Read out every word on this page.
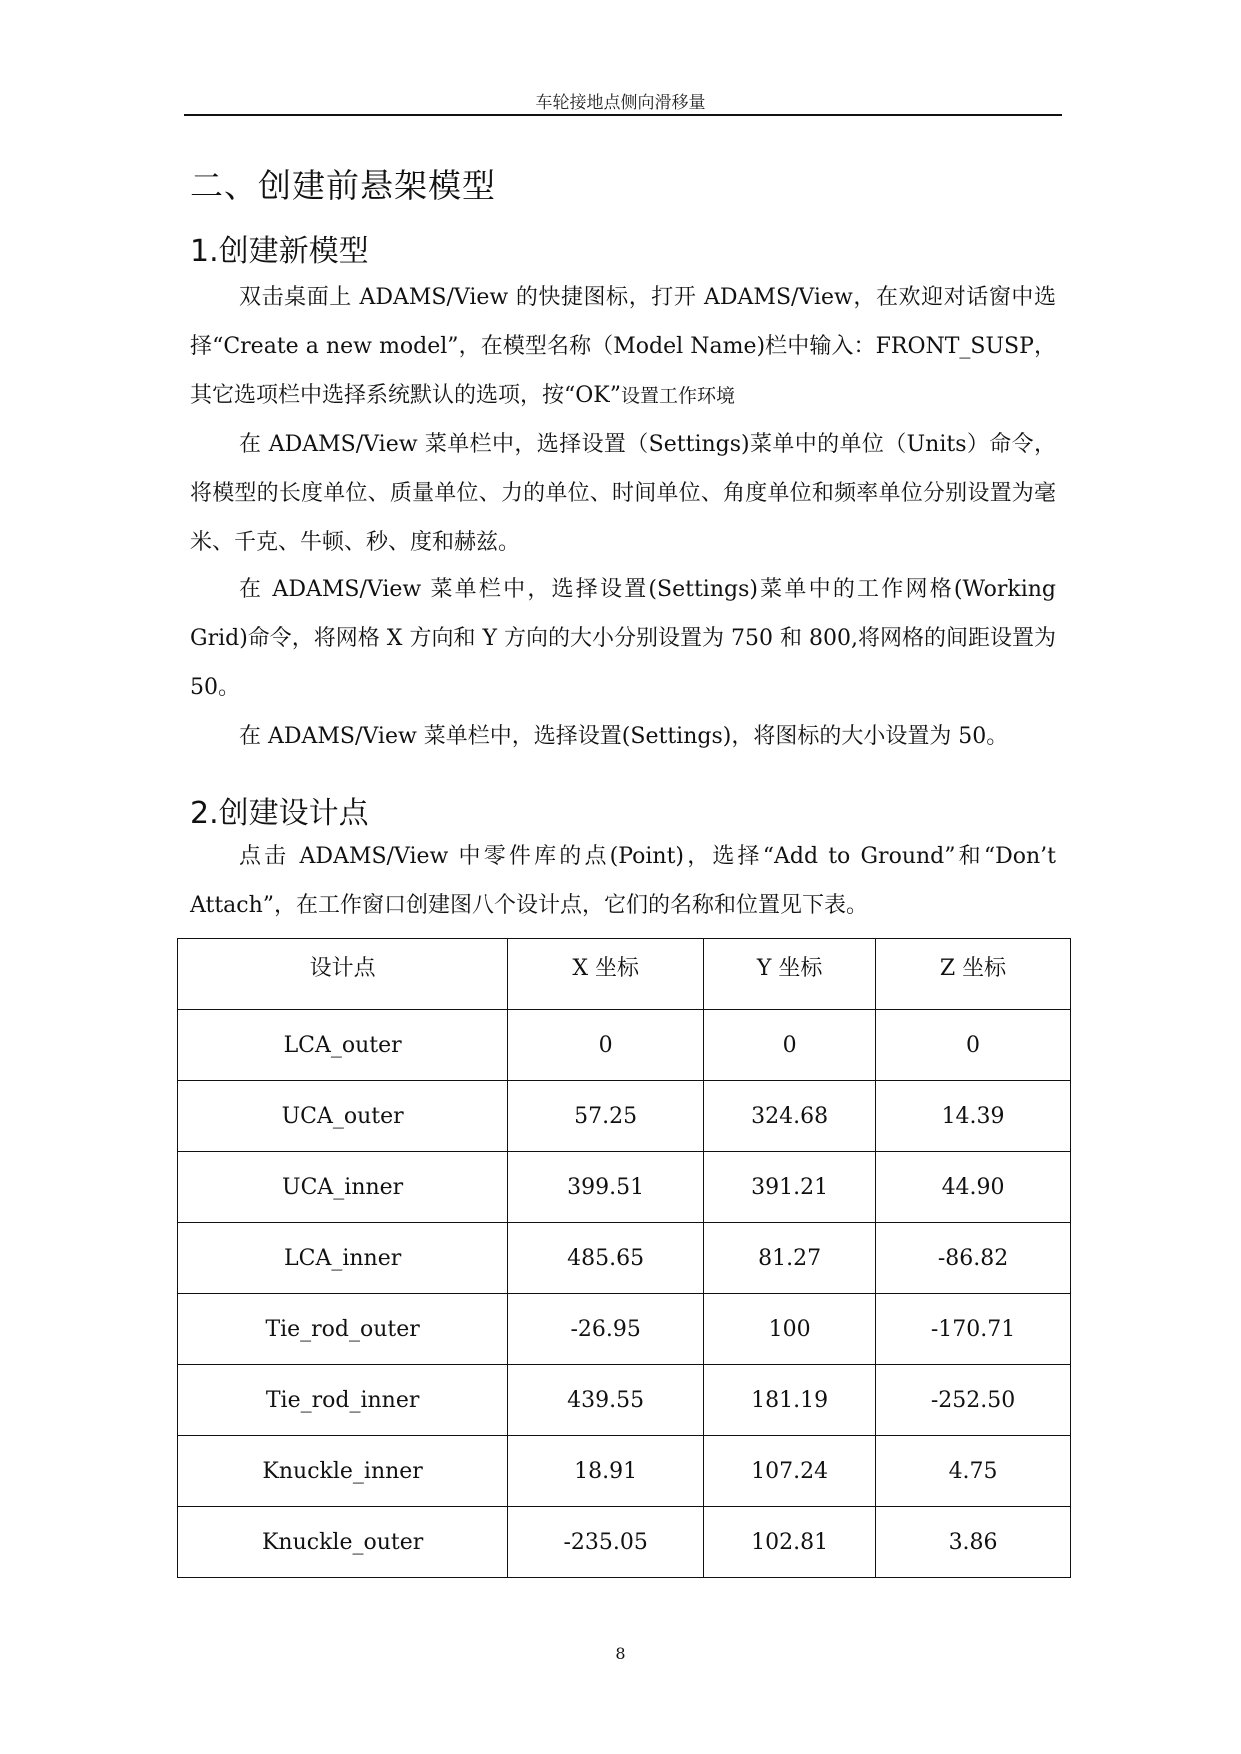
车轮接地点侧向滑移量
二、创建前悬架模型
1.创建新模型

双击桌面上 ADAMS/View 的快捷图标，打开 ADAMS/View，在欢迎对话窗中选择“Create a new model”，在模型名称（Model Name)栏中输入：FRONT_SUSP，其它选项栏中选择系统默认的选项，按“OK”设置工作环境

在 ADAMS/View 菜单栏中，选择设置（Settings)菜单中的单位（Units）命令，将模型的长度单位、质量单位、力的单位、时间单位、角度单位和频率单位分别设置为毫米、千克、牛顿、秒、度和赫兹。

在 ADAMS/View 菜单栏中，选择设置(Settings)菜单中的工作网格(Working Grid)命令，将网格 X 方向和 Y 方向的大小分别设置为 750 和 800,将网格的间距设置为 50。

在 ADAMS/View 菜单栏中，选择设置(Settings)，将图标的大小设置为 50。

2.创建设计点

点击 ADAMS/View 中零件库的点(Point)，选择“Add to Ground”和“Don’t Attach”，在工作窗口创建图八个设计点，它们的名称和位置见下表。

设计点	X 坐标	Y 坐标	Z 坐标
LCA_outer	0	0	0
UCA_outer	57.25	324.68	14.39
UCA_inner	399.51	391.21	44.90
LCA_inner	485.65	81.27	-86.82
Tie_rod_outer	-26.95	100	-170.71
Tie_rod_inner	439.55	181.19	-252.50
Knuckle_inner	18.91	107.24	4.75
Knuckle_outer	-235.05	102.81	3.86
8
